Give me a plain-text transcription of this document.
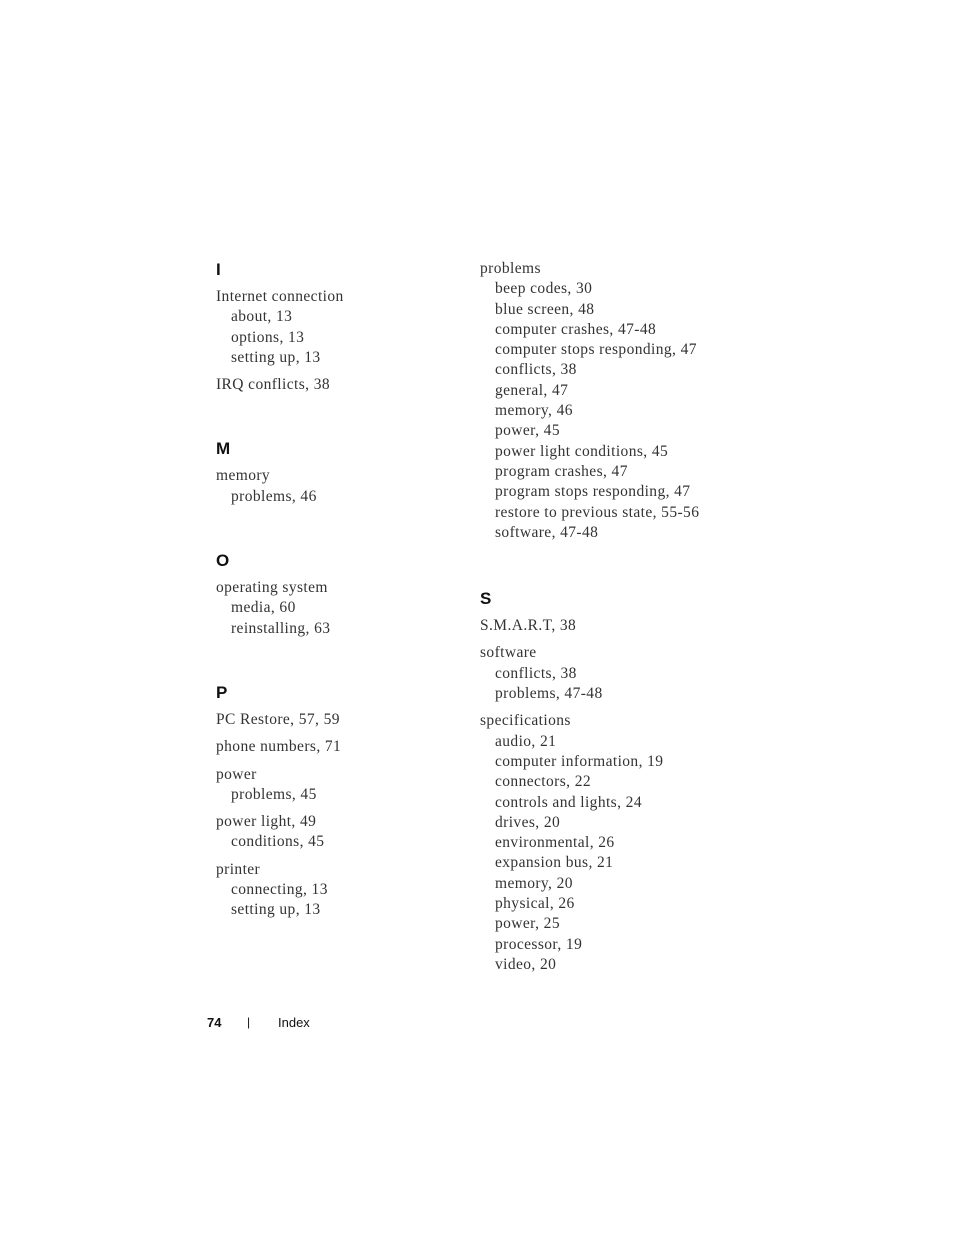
I
Internet connection
about, 13
options, 13
setting up, 13
IRQ conflicts, 38
M
memory
problems, 46
O
operating system
media, 60
reinstalling, 63
P
PC Restore, 57, 59
phone numbers, 71
power
problems, 45
power light, 49
conditions, 45
printer
connecting, 13
setting up, 13
problems
beep codes, 30
blue screen, 48
computer crashes, 47-48
computer stops responding, 47
conflicts, 38
general, 47
memory, 46
power, 45
power light conditions, 45
program crashes, 47
program stops responding, 47
restore to previous state, 55-56
software, 47-48
S
S.M.A.R.T, 38
software
conflicts, 38
problems, 47-48
specifications
audio, 21
computer information, 19
connectors, 22
controls and lights, 24
drives, 20
environmental, 26
expansion bus, 21
memory, 20
physical, 26
power, 25
processor, 19
video, 20
74 | Index
